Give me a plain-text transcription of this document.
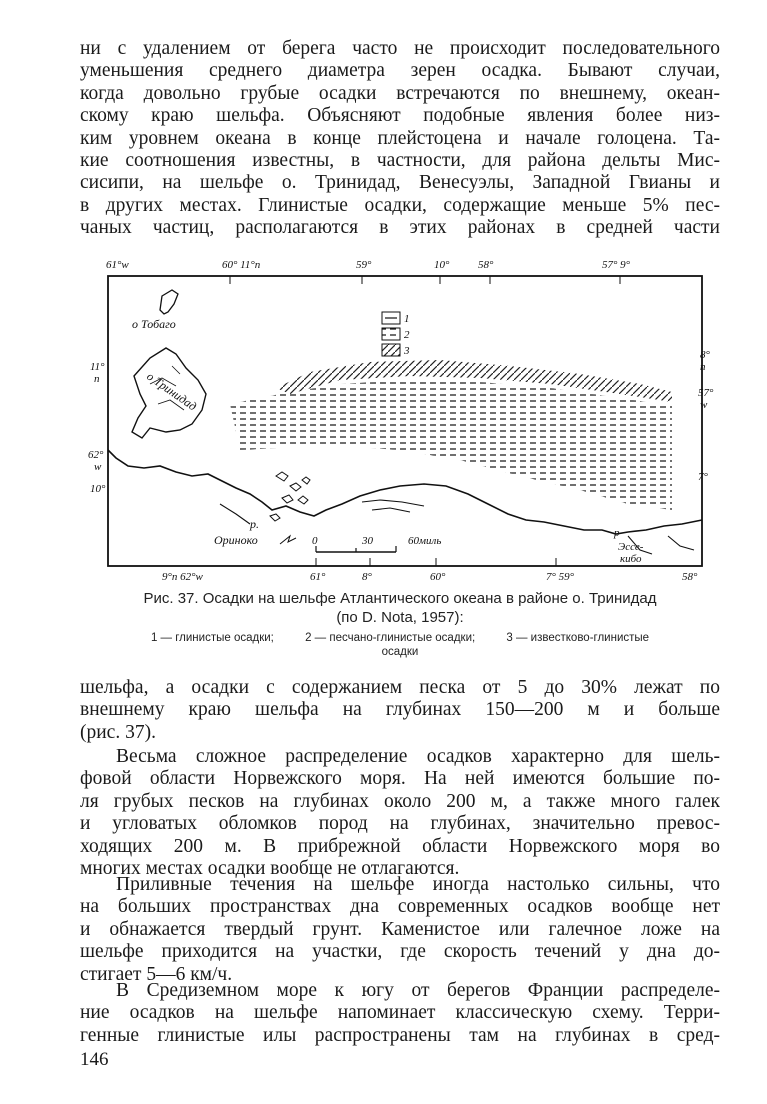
ни с удалением от берега часто не происходит последовательного
уменьшения среднего диаметра зерен осадка. Бывают случаи,
когда довольно грубые осадки встречаются по внешнему, океан-
скому краю шельфа. Объясняют подобные явления более низ-
ким уровнем океана в конце плейстоцена и начале голоцена. Та-
кие соотношения известны, в частности, для района дельты Мис-
сисипи, на шельфе о. Тринидад, Венесуэлы, Западной Гвианы и
в других местах. Глинистые осадки, содержащие меньше 5% пес-
чаных частиц, располагаются в этих районах в средней части
61°w	60° 11°n	59°	10°	58°	57° 9°
9°n 62°w	61°	8°	60°	7° 59°	58°
11°
n
62°
w
10°
8°
n
57°
w
7°
о Тобаго
о Тринидад
р.
Ориноко	р
Эссе-
кибо
0	30	60миль
1
2
3
Рис. 37. Осадки на шельфе Атлантического океана в районе о. Тринидад
(по D. Nota, 1957):
1 — глинистые осадки;	2 — песчано-глинистые осадки;	3 — известково-глинистые
осадки
шельфа, а осадки с содержанием песка от 5 до 30% лежат по
внешнему краю шельфа на глубинах 150—200 м и больше
(рис. 37).
Весьма сложное распределение осадков характерно для шель-
фовой области Норвежского моря. На ней имеются большие по-
ля грубых песков на глубинах около 200 м, а также много галек
и угловатых обломков пород на глубинах, значительно превос-
ходящих 200 м. В прибрежной области Норвежского моря во
многих местах осадки вообще не отлагаются.
Приливные течения на шельфе иногда настолько сильны, что
на больших пространствах дна современных осадков вообще нет
и обнажается твердый грунт. Каменистое или галечное ложе на
шельфе приходится на участки, где скорость течений у дна до-
стигает 5—6 км/ч.
В Средиземном море к югу от берегов Франции распределе-
ние осадков на шельфе напоминает классическую схему. Терри-
генные глинистые илы распространены там на глубинах в сред-
146
